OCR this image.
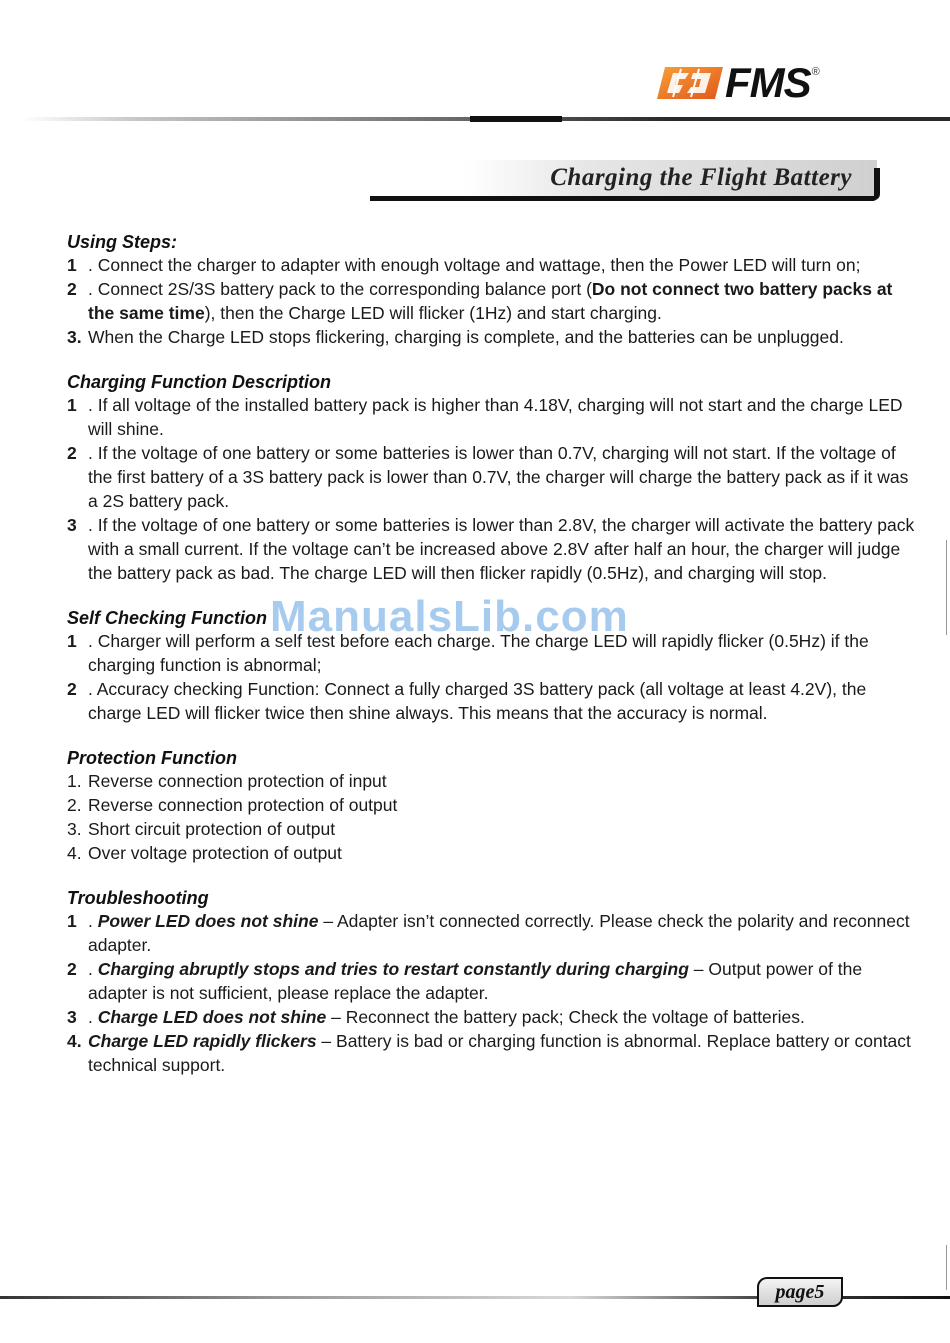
FMS ®
Charging the Flight Battery
Using Steps:
1 . Connect the charger to adapter with enough voltage and wattage, then the Power LED will turn on;
2 . Connect 2S/3S battery pack to the corresponding balance port (Do not connect two battery packs at the same time), then the Charge LED will flicker (1Hz) and start charging.
3. When the Charge LED stops flickering, charging is complete, and the batteries can be unplugged.
Charging Function Description
1 . If all voltage of the installed battery pack is higher than 4.18V, charging will not start and the charge LED will shine.
2 . If the voltage of one battery or some batteries is lower than 0.7V, charging will not start. If the voltage of the first battery of a 3S battery pack is lower than 0.7V, the charger will charge the battery pack as if it was a 2S battery pack.
3 . If the voltage of one battery or some batteries is lower than 2.8V, the charger will activate the battery pack with a small current. If the voltage can’t be increased above 2.8V after half an hour, the charger will judge the battery pack as bad. The charge LED will then flicker rapidly (0.5Hz), and charging will stop.
Self Checking Function
1 . Charger will perform a self test before each charge. The charge LED will rapidly flicker (0.5Hz) if the charging function is abnormal;
2 . Accuracy checking Function: Connect a fully charged 3S battery pack (all voltage at least 4.2V), the charge LED will flicker twice then shine always. This means that the accuracy is normal.
Protection Function
1. Reverse connection protection of input
2. Reverse connection protection of output
3. Short circuit protection of output
4. Over voltage protection of output
Troubleshooting
1 . Power LED does not shine – Adapter isn’t connected correctly. Please check the polarity and reconnect adapter.
2 . Charging abruptly stops and tries to restart constantly during charging – Output power of the adapter is not sufficient, please replace the adapter.
3 . Charge LED does not shine – Reconnect the battery pack; Check the voltage of batteries.
4. Charge LED rapidly flickers – Battery is bad or charging function is abnormal. Replace battery or contact technical support.
ManualsLib.com
page5
